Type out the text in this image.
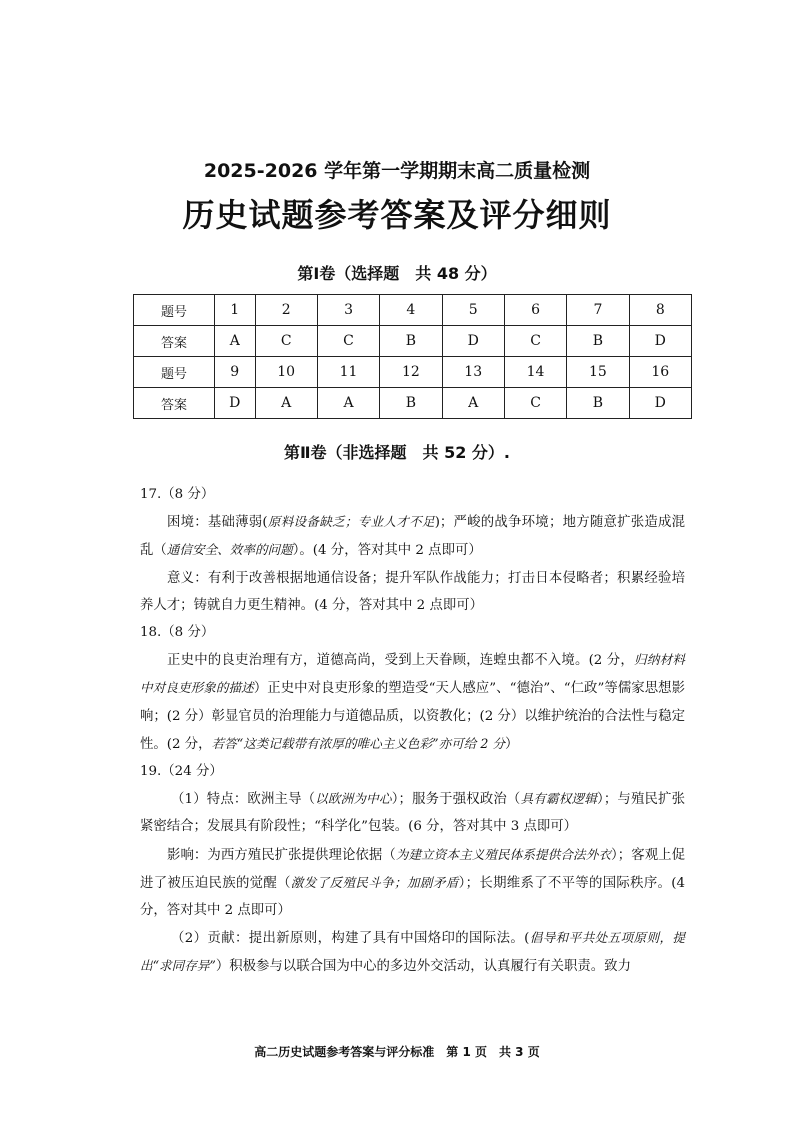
2025-2026 学年第一学期期末高二质量检测
历史试题参考答案及评分细则
第Ⅰ卷（选择题　共 48 分）
题号	1	2	3	4	5	6	7	8
答案	A	C	C	B	D	C	B	D
题号	9	10	11	12	13	14	15	16
答案	D	A	A	B	A	C	B	D
第Ⅱ卷（非选择题　共 52 分）.

17.（8 分）

困境：基础薄弱(原料设备缺乏；专业人才不足)；严峻的战争环境；地方随意扩张造成混乱（通信安全、效率的问题）。(4 分，答对其中 2 点即可）

意义：有利于改善根据地通信设备；提升军队作战能力；打击日本侵略者；积累经验培养人才；铸就自力更生精神。(4 分，答对其中 2 点即可）

18.（8 分）

正史中的良吏治理有方，道德高尚，受到上天眷顾，连蝗虫都不入境。(2 分，归纳材料中对良吏形象的描述）正史中对良吏形象的塑造受“天人感应”、“德治”、“仁政”等儒家思想影响；(2 分）彰显官员的治理能力与道德品质，以资教化；(2 分）以维护统治的合法性与稳定性。(2 分，若答“这类记载带有浓厚的唯心主义色彩”亦可给 2 分）

19.（24 分）

（1）特点：欧洲主导（以欧洲为中心）；服务于强权政治（具有霸权逻辑）；与殖民扩张紧密结合；发展具有阶段性；“科学化”包装。(6 分，答对其中 3 点即可）

影响：为西方殖民扩张提供理论依据（为建立资本主义殖民体系提供合法外衣）；客观上促进了被压迫民族的觉醒（激发了反殖民斗争；加剧矛盾）；长期维系了不平等的国际秩序。(4 分，答对其中 2 点即可）

（2）贡献：提出新原则，构建了具有中国烙印的国际法。(倡导和平共处五项原则，提出“求同存异”）积极参与以联合国为中心的多边外交活动，认真履行有关职责。致力

高二历史试题参考答案与评分标准　第 1 页　共 3 页
